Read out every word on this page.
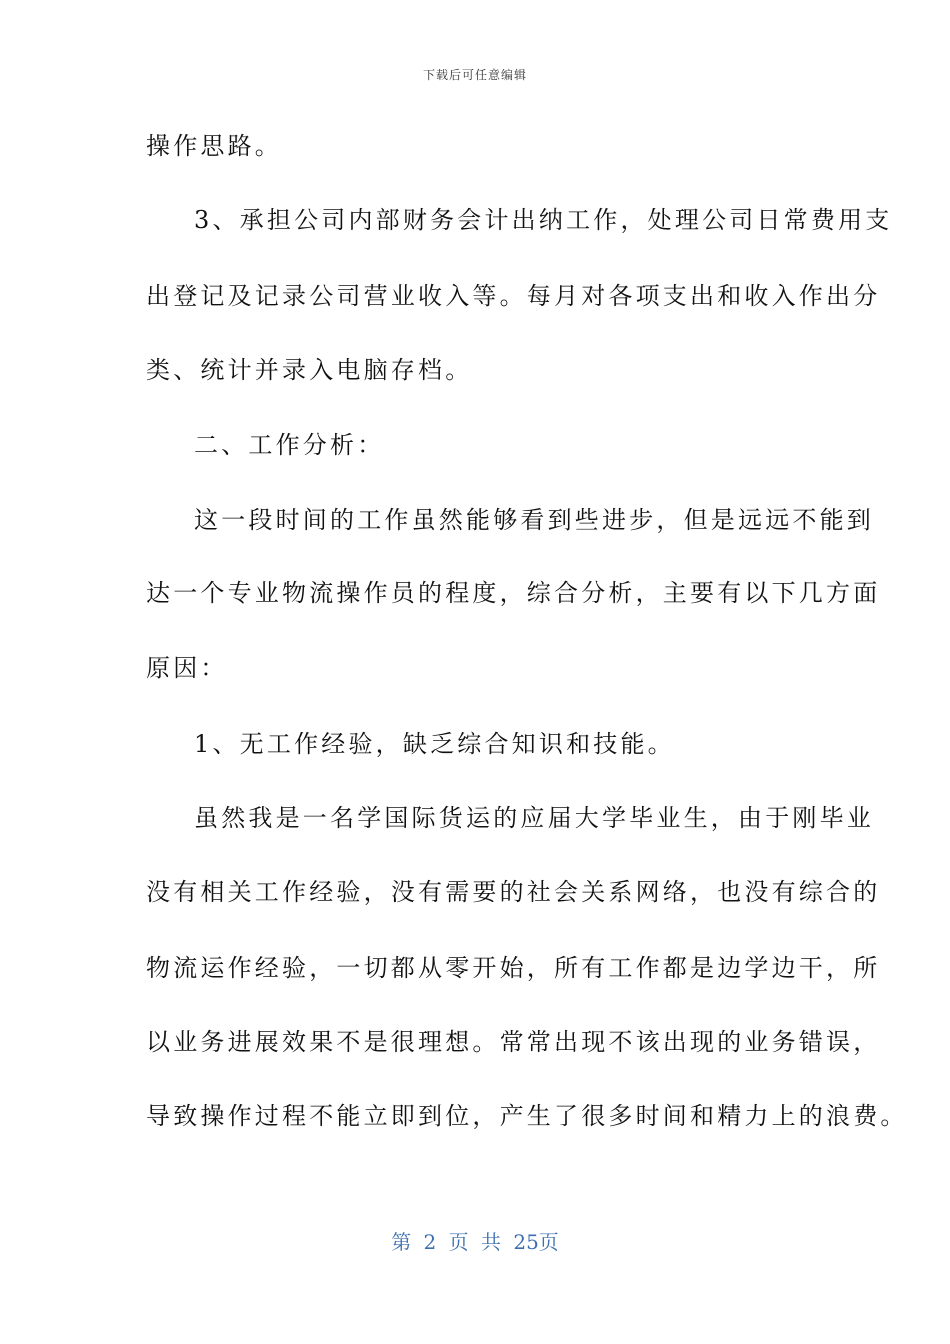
下载后可任意编辑
操作思路。
3、承担公司内部财务会计出纳工作，处理公司日常费用支
出登记及记录公司营业收入等。每月对各项支出和收入作出分
类、统计并录入电脑存档。
二、工作分析：
这一段时间的工作虽然能够看到些进步，但是远远不能到
达一个专业物流操作员的程度，综合分析，主要有以下几方面
原因：
1、无工作经验，缺乏综合知识和技能。
虽然我是一名学国际货运的应届大学毕业生，由于刚毕业
没有相关工作经验，没有需要的社会关系网络，也没有综合的
物流运作经验，一切都从零开始，所有工作都是边学边干，所
以业务进展效果不是很理想。常常出现不该出现的业务错误，
导致操作过程不能立即到位，产生了很多时间和精力上的浪费。
第 2 页 共 25页
